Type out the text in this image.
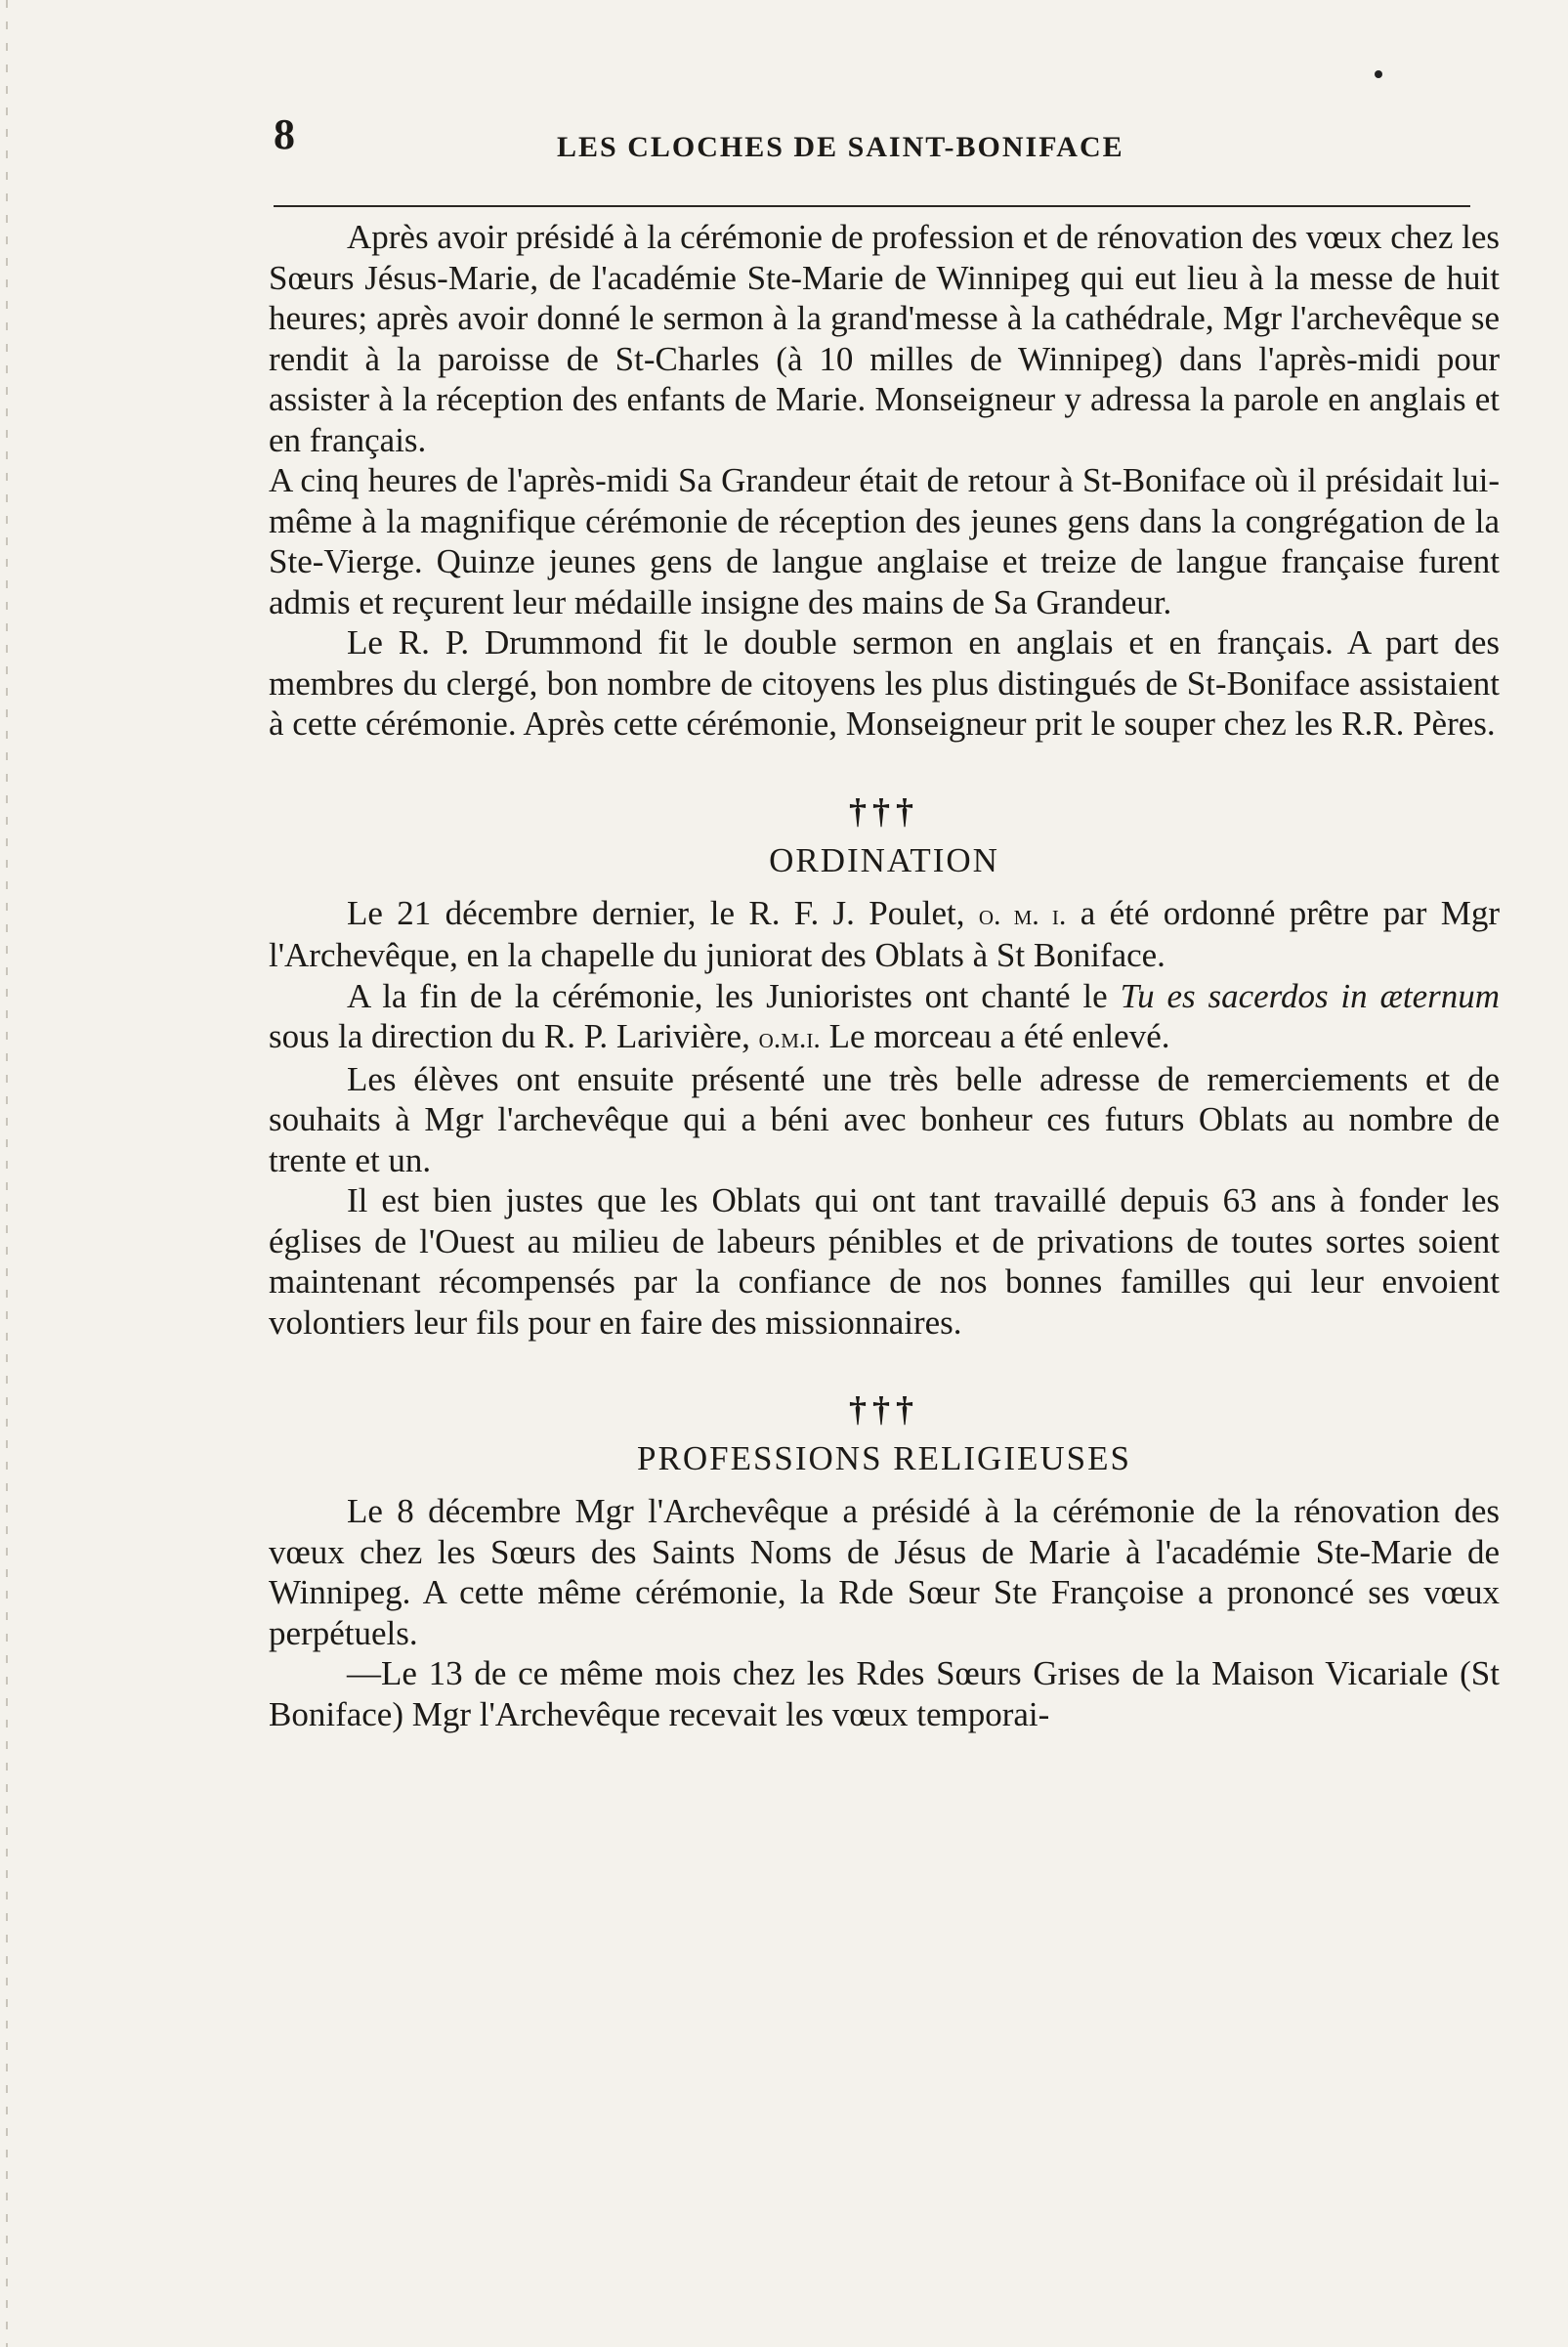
8	LES CLOCHES DE SAINT-BONIFACE

Après avoir présidé à la cérémonie de profession et de rénovation des vœux chez les Sœurs Jésus-Marie, de l'académie Ste-Marie de Winnipeg qui eut lieu à la messe de huit heures; après avoir donné le sermon à la grand'messe à la cathédrale, Mgr l'archevêque se rendit à la paroisse de St-Charles (à 10 milles de Winnipeg) dans l'après-midi pour assister à la réception des enfants de Marie. Monseigneur y adressa la parole en anglais et en français.

A cinq heures de l'après-midi Sa Grandeur était de retour à St-Boniface où il présidait lui-même à la magnifique cérémonie de réception des jeunes gens dans la congrégation de la Ste-Vierge. Quinze jeunes gens de langue anglaise et treize de langue française furent admis et reçurent leur médaille insigne des mains de Sa Grandeur.

Le R. P. Drummond fit le double sermon en anglais et en français. A part des membres du clergé, bon nombre de citoyens les plus distingués de St-Boniface assistaient à cette cérémonie. Après cette cérémonie, Monseigneur prit le souper chez les R.R. Pères.

†††
ORDINATION

Le 21 décembre dernier, le R. F. J. Poulet, o. m. i. a été ordonné prêtre par Mgr l'Archevêque, en la chapelle du juniorat des Oblats à St Boniface.

A la fin de la cérémonie, les Junioristes ont chanté le Tu es sacerdos in æternum sous la direction du R. P. Larivière, o.m.i. Le morceau a été enlevé.

Les élèves ont ensuite présenté une très belle adresse de remerciements et de souhaits à Mgr l'archevêque qui a béni avec bonheur ces futurs Oblats au nombre de trente et un.

Il est bien justes que les Oblats qui ont tant travaillé depuis 63 ans à fonder les églises de l'Ouest au milieu de labeurs pénibles et de privations de toutes sortes soient maintenant récompensés par la confiance de nos bonnes familles qui leur envoient volontiers leur fils pour en faire des missionnaires.

†††
PROFESSIONS RELIGIEUSES

Le 8 décembre Mgr l'Archevêque a présidé à la cérémonie de la rénovation des vœux chez les Sœurs des Saints Noms de Jésus de Marie à l'académie Ste-Marie de Winnipeg. A cette même cérémonie, la Rde Sœur Ste Françoise a prononcé ses vœux perpétuels.

—Le 13 de ce même mois chez les Rdes Sœurs Grises de la Maison Vicariale (St Boniface) Mgr l'Archevêque recevait les vœux temporai-
